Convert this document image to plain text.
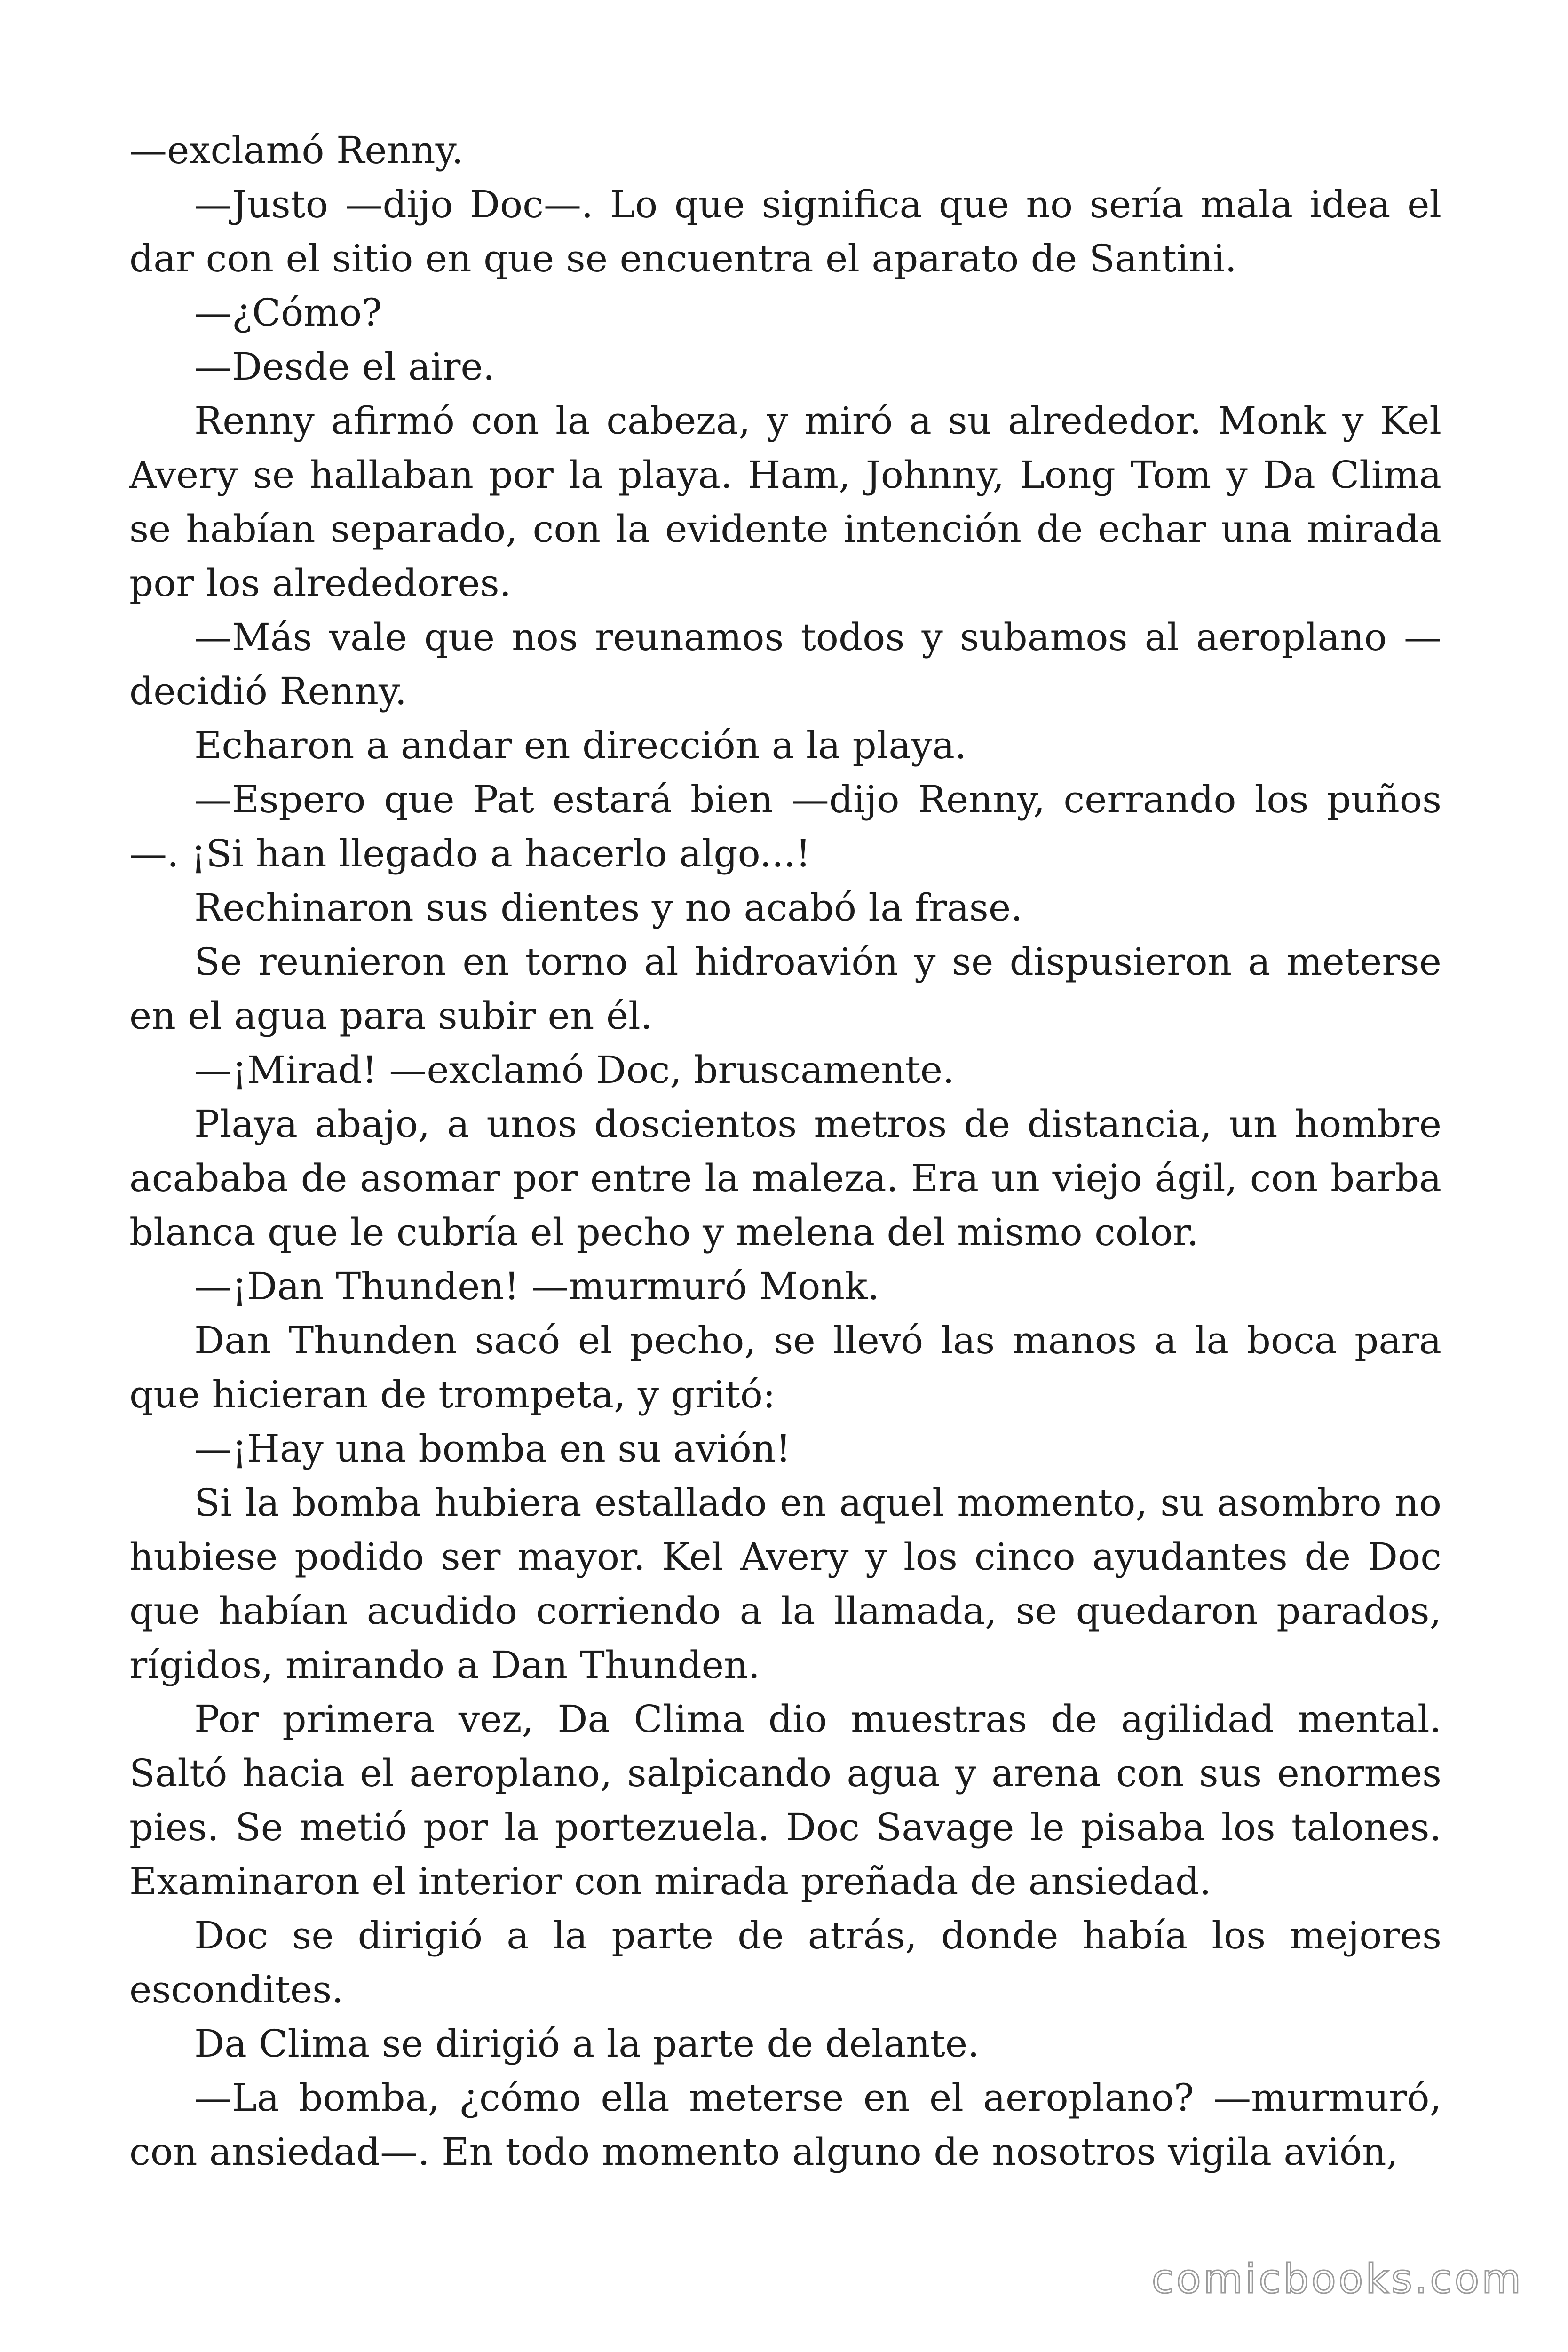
—exclamó Renny.

—Justo —dijo Doc—. Lo que significa que no sería mala idea el dar con el sitio en que se encuentra el aparato de Santini.

—¿Cómo?

—Desde el aire.

Renny afirmó con la cabeza, y miró a su alrededor. Monk y Kel Avery se hallaban por la playa. Ham, Johnny, Long Tom y Da Clima se habían separado, con la evidente intención de echar una mirada por los alrededores.

—Más vale que nos reunamos todos y subamos al aeroplano — decidió Renny.

Echaron a andar en dirección a la playa.

—Espero que Pat estará bien —dijo Renny, cerrando los puños —. ¡Si han llegado a hacerlo algo...!

Rechinaron sus dientes y no acabó la frase.

Se reunieron en torno al hidroavión y se dispusieron a meterse en el agua para subir en él.

—¡Mirad! —exclamó Doc, bruscamente.

Playa abajo, a unos doscientos metros de distancia, un hombre acababa de asomar por entre la maleza. Era un viejo ágil, con barba blanca que le cubría el pecho y melena del mismo color.

—¡Dan Thunden! —murmuró Monk.

Dan Thunden sacó el pecho, se llevó las manos a la boca para que hicieran de trompeta, y gritó:

—¡Hay una bomba en su avión!

Si la bomba hubiera estallado en aquel momento, su asombro no hubiese podido ser mayor. Kel Avery y los cinco ayudantes de Doc que habían acudido corriendo a la llamada, se quedaron parados, rígidos, mirando a Dan Thunden.

Por primera vez, Da Clima dio muestras de agilidad mental. Saltó hacia el aeroplano, salpicando agua y arena con sus enormes pies. Se metió por la portezuela. Doc Savage le pisaba los talones. Examinaron el interior con mirada preñada de ansiedad.

Doc se dirigió a la parte de atrás, donde había los mejores escondites.

Da Clima se dirigió a la parte de delante.

—La bomba, ¿cómo ella meterse en el aeroplano? —murmuró, con ansiedad—. En todo momento alguno de nosotros vigila avión,

comicbooks.com
